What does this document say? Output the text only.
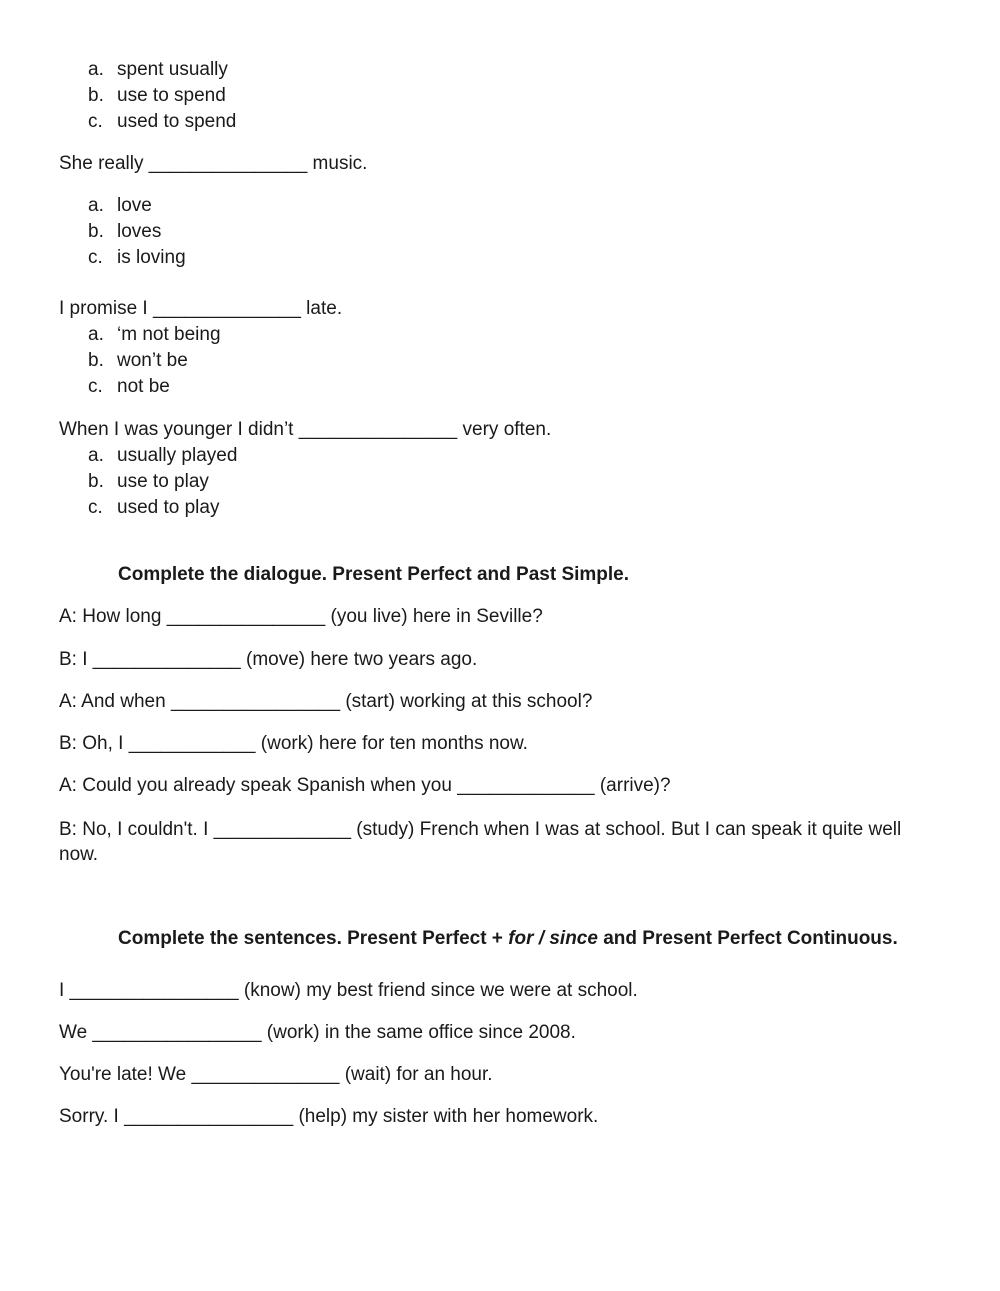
a. spent usually
b. use to spend
c. used to spend
She really _______________ music.
a. love
b. loves
c. is loving
I promise I ______________ late.
a. ‘m not being
b. won’t be
c. not be
When I was younger I didn’t _______________ very often.
a. usually played
b. use to play
c. used to play
Complete the dialogue. Present Perfect and Past Simple.
A: How long _______________ (you live) here in Seville?
B: I ______________ (move) here two years ago.
A: And when ________________ (start) working at this school?
B: Oh, I ____________ (work) here for ten months now.
A: Could you already speak Spanish when you _____________ (arrive)?
B: No, I couldn't. I _____________ (study) French when I was at school. But I can speak it quite well now.
Complete the sentences. Present Perfect + for / since and Present Perfect Continuous.
I ________________ (know) my best friend since we were at school.
We ________________ (work) in the same office since 2008.
You're late! We ______________ (wait) for an hour.
Sorry. I ________________ (help) my sister with her homework.
